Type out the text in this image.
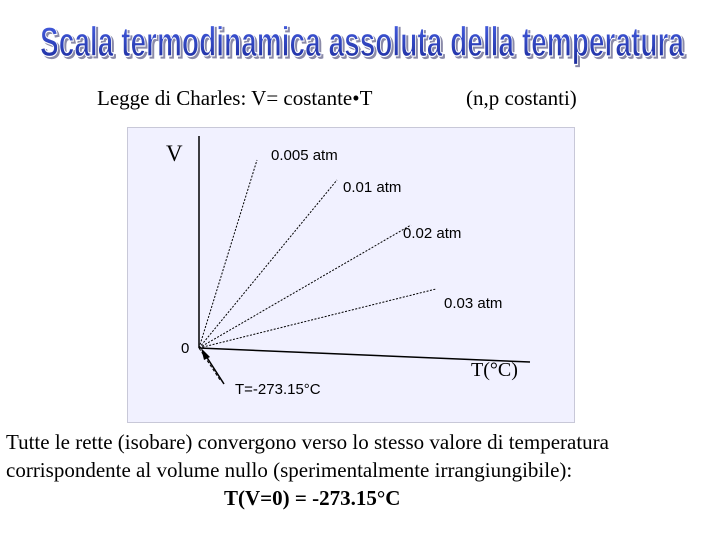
Scala termodinamica assoluta della temperatura
Legge di Charles: V= costante•T	(n,p costanti)
V	0.005 atm
0.01 atm
0.02 atm
0.03 atm
0
T(°C)
T=-273.15°C
Tutte le rette (isobare) convergono verso lo stesso valore di temperatura
corrispondente al volume nullo (sperimentalmente irrangiungibile):
T(V=0) = -273.15°C
